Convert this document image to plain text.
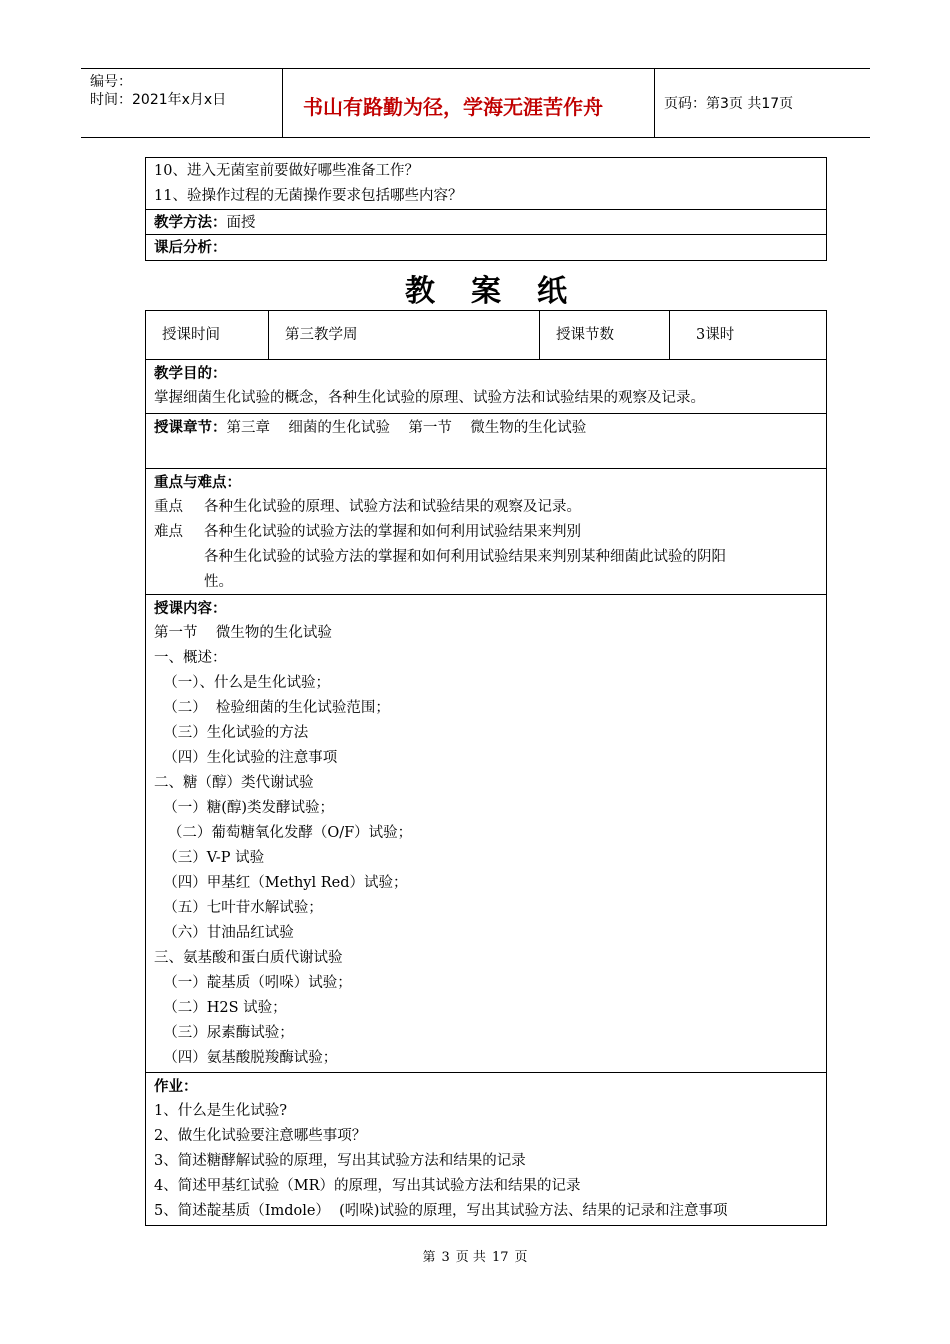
编号：
时间：2021年x月x日	书山有路勤为径，学海无涯苦作舟	页码：第3页 共17页
10、进入无菌室前要做好哪些准备工作？
11、验操作过程的无菌操作要求包括哪些内容？
教学方法：面授
课后分析：
教案纸
授课时间	第三教学周	授课节数	3课时
教学目的：
掌握细菌生化试验的概念，各种生化试验的原理、试验方法和试验结果的观察及记录。
授课章节：第三章    细菌的生化试验    第一节    微生物的生化试验
重点与难点：
重点 各种生化试验的原理、试验方法和试验结果的观察及记录。
难点 各种生化试验的试验方法的掌握和如何利用试验结果来判别
各种生化试验的试验方法的掌握和如何利用试验结果来判别某种细菌此试验的阴阳
性。
授课内容：
第一节    微生物的生化试验
一、概述：
（一）、什么是生化试验；
（二）  检验细菌的生化试验范围；
（三）生化试验的方法
（四）生化试验的注意事项
二、糖（醇）类代谢试验
（一）糖(醇)类发酵试验；
（二）葡萄糖氧化发酵（O/F）试验；
（三）V-P 试验
（四）甲基红（Methyl Red）试验；
（五）七叶苷水解试验；
（六）甘油品红试验
三、氨基酸和蛋白质代谢试验
（一）靛基质（吲哚）试验；
（二）H2S 试验；
（三）尿素酶试验；
（四）氨基酸脱羧酶试验；
作业：
1、什么是生化试验?
2、做生化试验要注意哪些事项？
3、简述糖酵解试验的原理，写出其试验方法和结果的记录
4、简述甲基红试验（MR）的原理，写出其试验方法和结果的记录
5、简述靛基质（Imdole）  (吲哚)试验的原理，写出其试验方法、结果的记录和注意事项
第 3 页 共 17 页
